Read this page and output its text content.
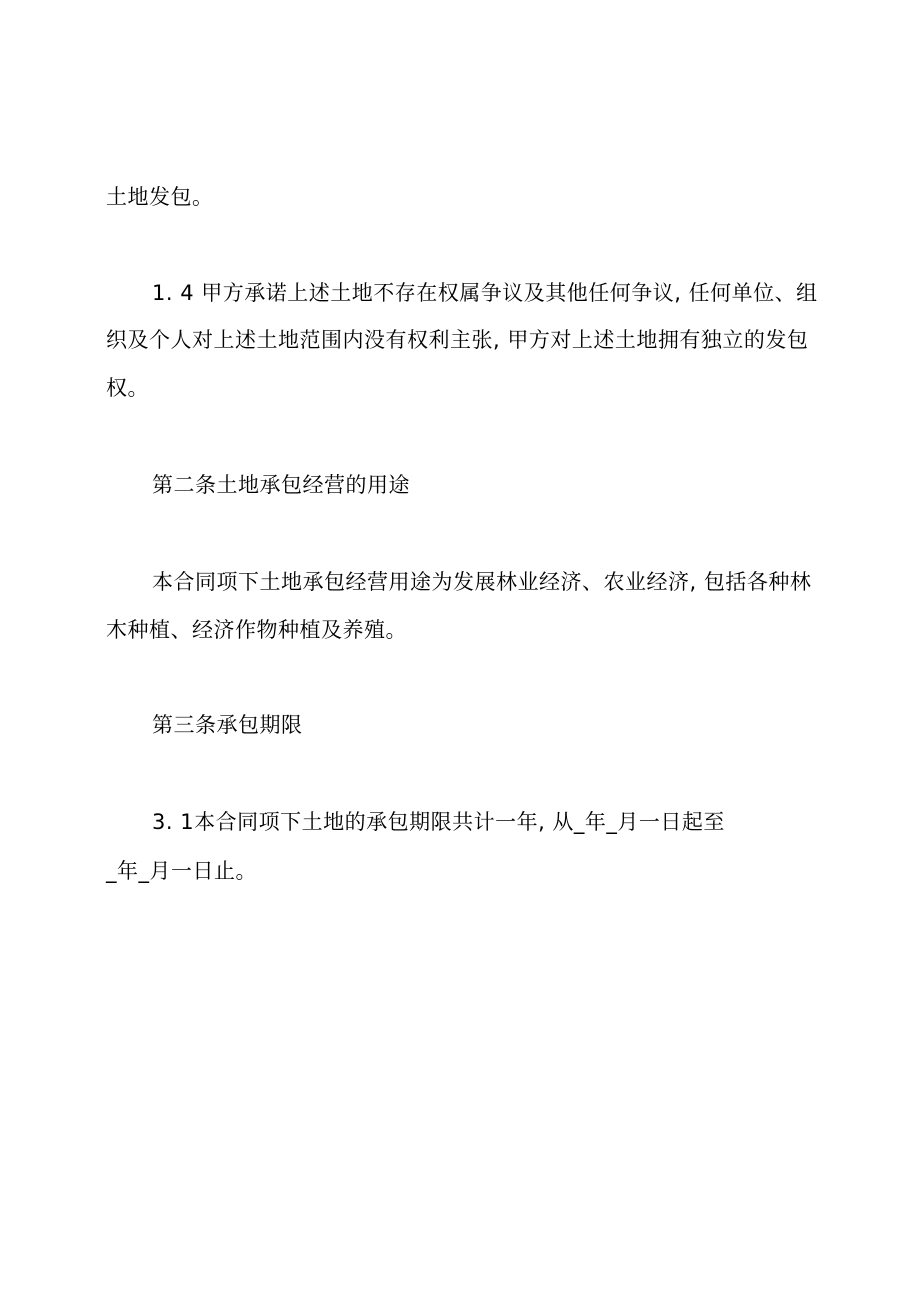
土地发包。
1. 4 甲方承诺上述土地不存在权属争议及其他任何争议, 任何单位、组
织及个人对上述土地范围内没有权利主张, 甲方对上述土地拥有独立的发包
权。
第二条土地承包经营的用途
本合同项下土地承包经营用途为发展林业经济、农业经济, 包括各种林
木种植、经济作物种植及养殖。
第三条承包期限
3. 1本合同项下土地的承包期限共计一年, 从_年_月一日起至
_年_月一日止。
